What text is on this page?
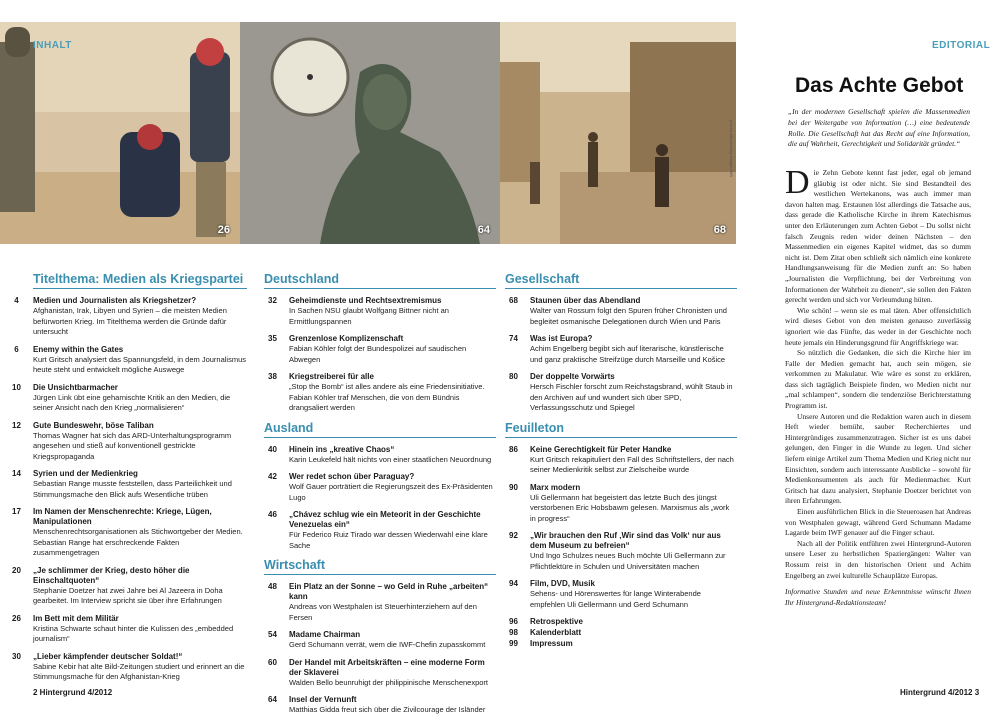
26	64	68
picture-alliance/akg-images/IMS
INHALT	EDITORIAL
Titelthema: Medien als Kriegspartei
4	Medien und Journalisten als Kriegshetzer?
Afghanistan, Irak, Libyen und Syrien – die meisten Medien befürworten Krieg. Im Titelthema werden die Gründe dafür untersucht
6	Enemy within the Gates
Kurt Gritsch analysiert das Spannungsfeld, in dem Journalismus heute steht und entwickelt mögliche Auswege
10	Die Unsichtbarmacher
Jürgen Link übt eine geharnischte Kritik an den Medien, die seiner Ansicht nach den Krieg „normalisieren“
12	Gute Bundeswehr, böse Taliban
Thomas Wagner hat sich das ARD-Unterhaltungsprogramm angesehen und stieß auf konventionell gestrickte Kriegspropaganda
14	Syrien und der Medienkrieg
Sebastian Range musste feststellen, dass Parteilichkeit und Stimmungsmache den Blick aufs Wesentliche trüben
17	Im Namen der Menschenrechte: Kriege, Lügen, Manipulationen
Menschenrechtsorganisationen als Stichwortgeber der Medien. Sebastian Range hat erschreckende Fakten zusammengetragen
20	„Je schlimmer der Krieg, desto höher die Einschaltquoten“
Stephanie Doetzer hat zwei Jahre bei Al Jazeera in Doha gearbeitet. Im Interview spricht sie über ihre Erfahrungen
26	Im Bett mit dem Militär
Kristina Schwarte schaut hinter die Kulissen des „embedded journalism“
30	„Lieber kämpfender deutscher Soldat!“
Sabine Kebir hat alte Bild-Zeitungen studiert und erinnert an die Stimmungsmache für den Afghanistan-Krieg
Deutschland
32	Geheimdienste und Rechtsextremismus
In Sachen NSU glaubt Wolfgang Bittner nicht an Ermittlungspannen
35	Grenzenlose Komplizenschaft
Fabian Köhler folgt der Bundespolizei auf saudischen Abwegen
38	Kriegstreiberei für alle
„Stop the Bomb“ ist alles andere als eine Friedensinitiative. Fabian Köhler traf Menschen, die von dem Bündnis drangsaliert werden
Ausland
40	Hinein ins „kreative Chaos“
Karin Leukefeld hält nichts von einer staatlichen Neuordnung
42	Wer redet schon über Paraguay?
Wolf Gauer porträtiert die Regierungszeit des Ex-Präsidenten Lugo
46	„Chávez schlug wie ein Meteorit in der Geschichte Venezuelas ein“
Für Federico Ruiz Tirado war dessen Wiederwahl eine klare Sache
Wirtschaft
48	Ein Platz an der Sonne – wo Geld in Ruhe „arbeiten“ kann
Andreas von Westphalen ist Steuerhinterziehern auf den Fersen
54	Madame Chairman
Gerd Schumann verrät, wem die IWF-Chefin zupasskommt
60	Der Handel mit Arbeitskräften – eine moderne Form der Sklaverei
Walden Bello beunruhigt der philippinische Menschenexport
64	Insel der Vernunft
Matthias Gidda freut sich über die Zivilcourage der Isländer
Gesellschaft
68	Staunen über das Abendland
Walter van Rossum folgt den Spuren früher Chronisten und begleitet osmanische Delegationen durch Wien und Paris
74	Was ist Europa?
Achim Engelberg begibt sich auf literarische, künstlerische und ganz praktische Streifzüge durch Marseille und Košice
80	Der doppelte Vorwärts
Hersch Fischler forscht zum Reichstagsbrand, wühlt Staub in den Archiven auf und wundert sich über SPD, Verfassungsschutz und Spiegel
Feuilleton
86	Keine Gerechtigkeit für Peter Handke
Kurt Gritsch rekapituliert den Fall des Schriftstellers, der nach seiner Medienkritik selbst zur Zielscheibe wurde
90	Marx modern
Uli Gellermann hat begeistert das letzte Buch des jüngst verstorbenen Eric Hobsbawm gelesen. Marxismus als „work in progress“
92	„Wir brauchen den Ruf ‚Wir sind das Volk‘ nur aus dem Museum zu befreien“
Und Ingo Schulzes neues Buch möchte Uli Gellermann zur Pflichtlektüre in Schulen und Universitäten machen
94	Film, DVD, Musik
Sehens- und Hörenswertes für lange Winterabende empfehlen Uli Gellermann und Gerd Schumann
96	Retrospektive
98	Kalenderblatt
99	Impressum
2 Hintergrund 4/2012	Hintergrund 4/2012 3
Das Achte Gebot
„In der modernen Gesellschaft spielen die Massenmedien bei der Weitergabe von Information (…) eine bedeutende Rolle. Die Gesellschaft hat das Recht auf eine Information, die auf Wahrheit, Gerechtigkeit und Solidarität gründet.“

Die Zehn Gebote kennt fast jeder, egal ob jemand gläubig ist oder nicht. Sie sind Bestandteil des westlichen Wertekanons, was auch immer man davon halten mag. Erstaunen löst allerdings die Tatsache aus, dass gerade die Katholische Kirche in ihrem Katechismus unter den Erläuterungen zum Achten Gebot – Du sollst nicht falsch Zeugnis reden wider deinen Nächsten – den Massenmedien ein eigenes Kapitel widmet, das so dumm nicht ist. Dem Zitat oben schließt sich nämlich eine konkrete Handlungsanweisung für die Medien zunft an: So haben „Journalisten die Verpflichtung, bei der Verbreitung von Informationen der Wahrheit zu dienen“, sie sollen den Fakten gerecht werden und sich vor Verleumdung hüten.

Wie schön! – wenn sie es mal täten. Aber offensichtlich wird dieses Gebot von den meisten genauso zuverlässig ignoriert wie das Fünfte, das weder in der Geschichte noch heute jemals ein Hinderungsgrund für Angriffskriege war.

So nützlich die Gedanken, die sich die Kirche hier im Falle der Medien gemacht hat, auch sein mögen, sie verkommen zu Makulatur. Wie wäre es sonst zu erklären, dass sich tagtäglich Beispiele finden, wo Medien nicht nur „mal schlampen“, sondern die tendenziöse Berichterstattung Programm ist.

Unsere Autoren und die Redaktion waren auch in diesem Heft wieder bemüht, sauber Recherchiertes und Hintergründiges zusammenzutragen. Sicher ist es uns dabei gelungen, den Finger in die Wunde zu legen. Und sicher liefern einige Artikel zum Thema Medien und Krieg nicht nur Einsichten, sondern auch interessante Ausblicke – sowohl für Medienkonsumenten als auch für Medienmacher. Kurt Gritsch hat dazu analysiert, Stephanie Doetzer berichtet von ihren Erfahrungen.

Einen ausführlichen Blick in die Steueroasen hat Andreas von Westphalen gewagt, während Gerd Schumann Madame Lagarde beim IWF genauer auf die Finger schaut.

Nach all der Politik entführen zwei Hintergrund-Autoren unsere Leser zu herbstlichen Spaziergängen: Walter van Rossum reist in den historischen Orient und Achim Engelberg an zwei kulturelle Schauplätze Europas.

Informative Stunden und neue Erkenntnisse wünscht Ihnen Ihr Hintergrund-Redaktionsteam!
